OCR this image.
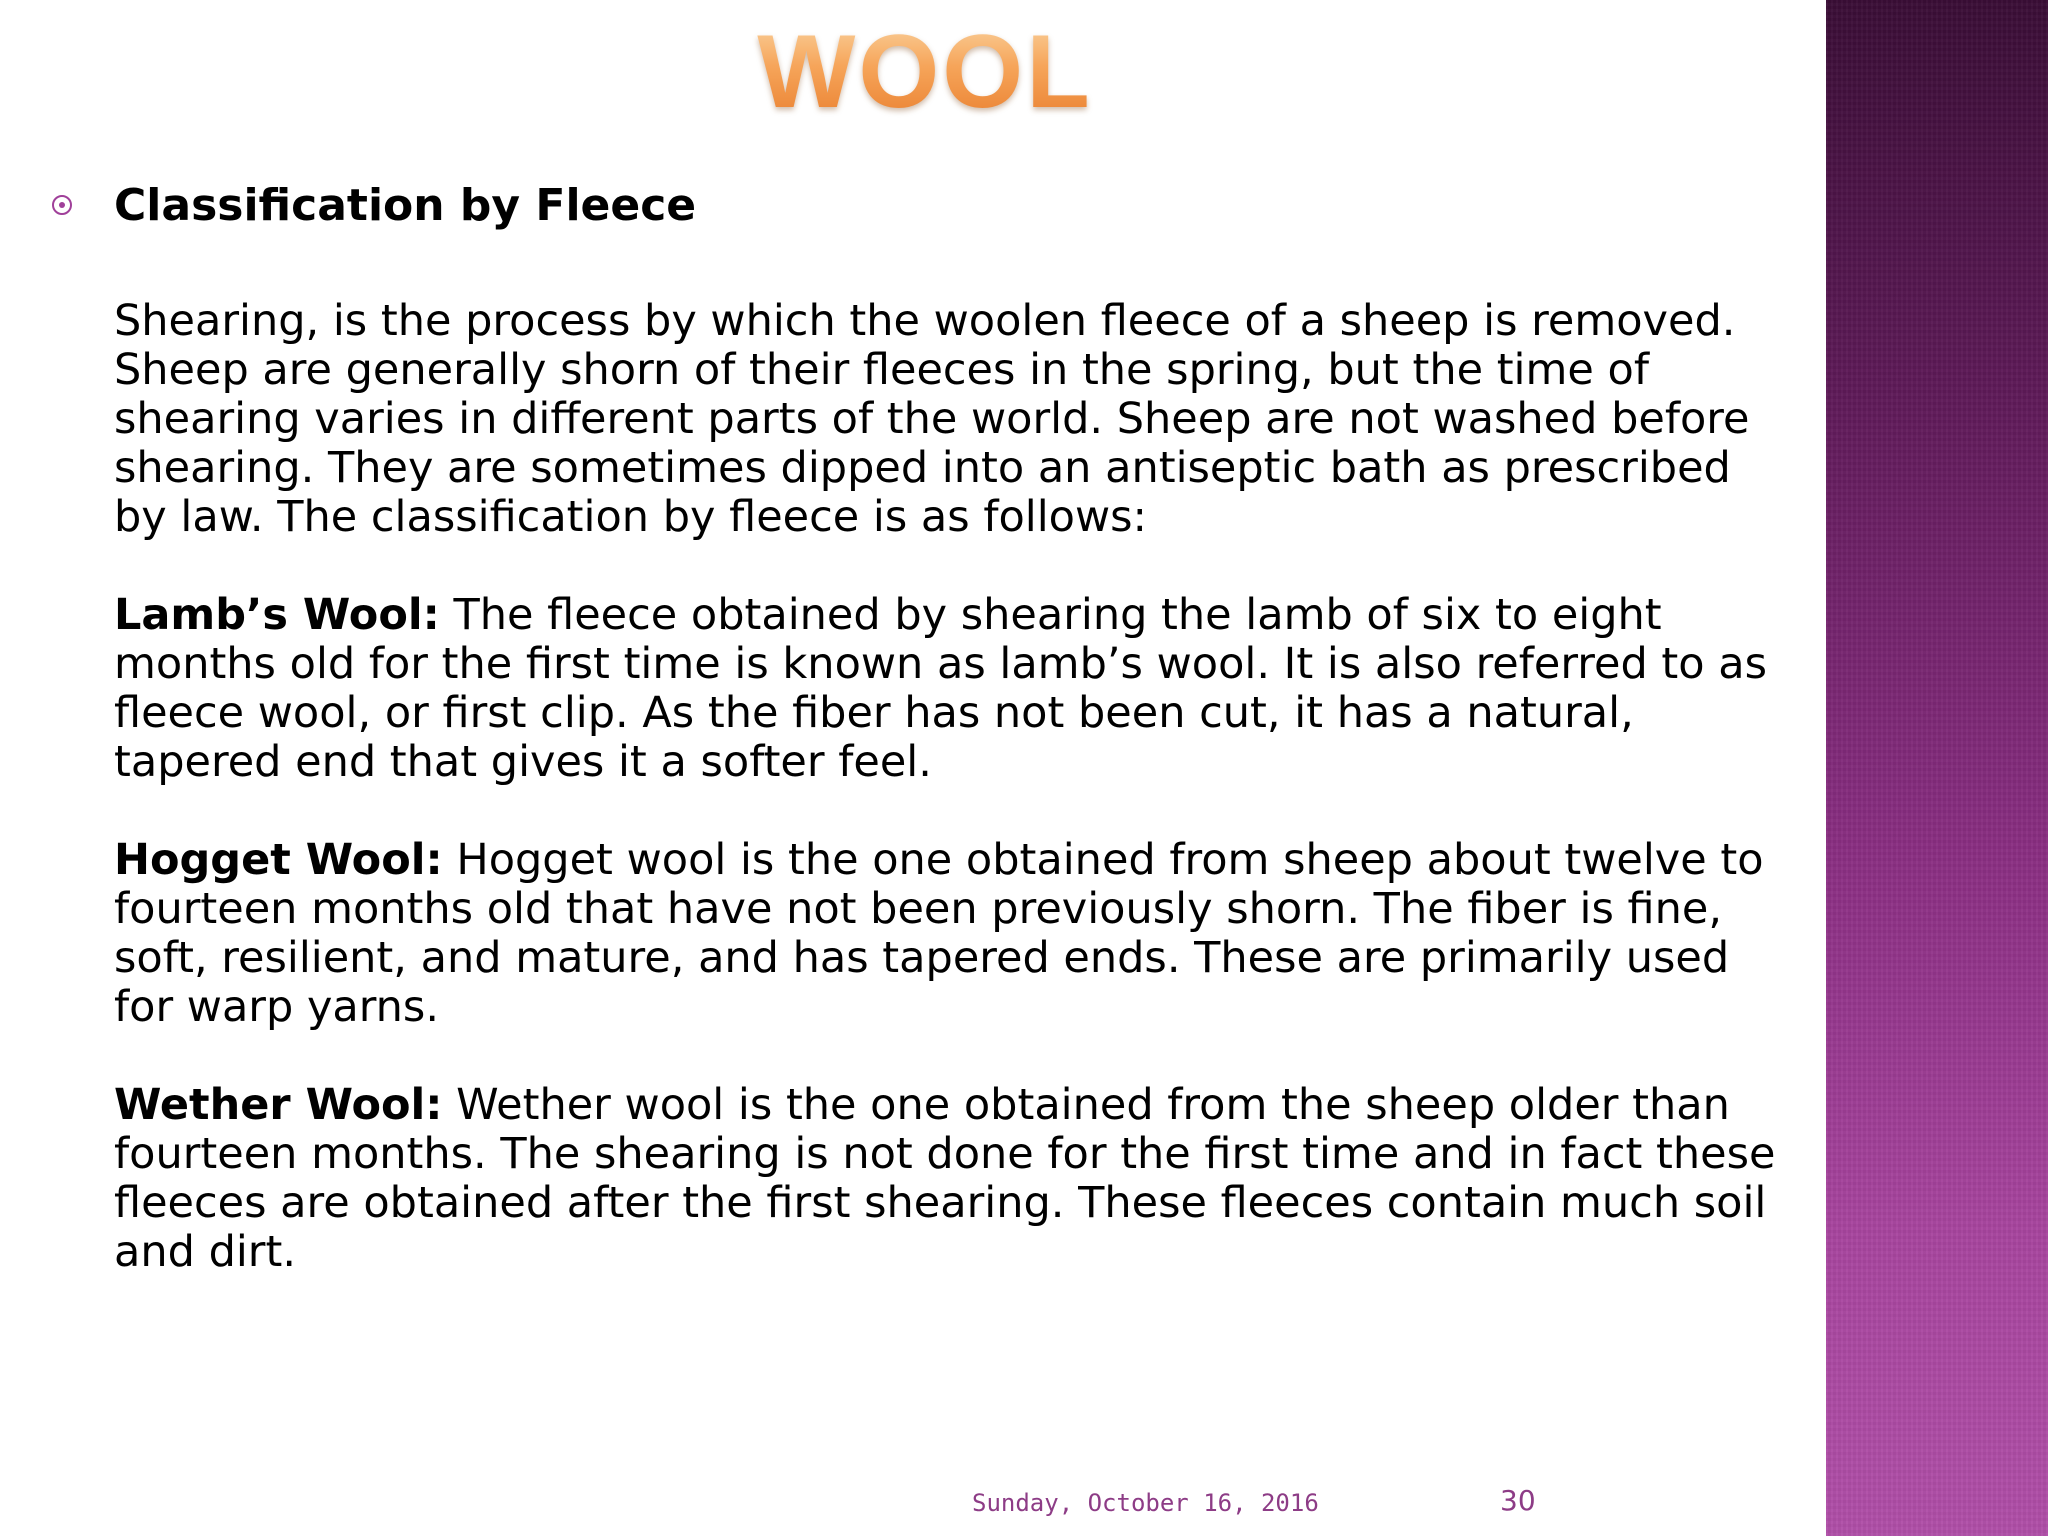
WOOL CLASSING
Classification by Fleece

Shearing, is the process by which the woolen fleece of a sheep is removed. Sheep are generally shorn of their fleeces in the spring, but the time of shearing varies in different parts of the world. Sheep are not washed before shearing. They are sometimes dipped into an antiseptic bath as prescribed by law. The classification by fleece is as follows:

Lamb’s Wool: The fleece obtained by shearing the lamb of six to eight months old for the first time is known as lamb’s wool. It is also referred to as fleece wool, or first clip. As the fiber has not been cut, it has a natural, tapered end that gives it a softer feel.

Hogget Wool: Hogget wool is the one obtained from sheep about twelve to fourteen months old that have not been previously shorn. The fiber is fine, soft, resilient, and mature, and has tapered ends. These are primarily used for warp yarns.

Wether Wool: Wether wool is the one obtained from the sheep older than fourteen months. The shearing is not done for the first time and in fact these fleeces are obtained after the first shearing. These fleeces contain much soil and dirt.

Sunday, October 16, 2016	30
